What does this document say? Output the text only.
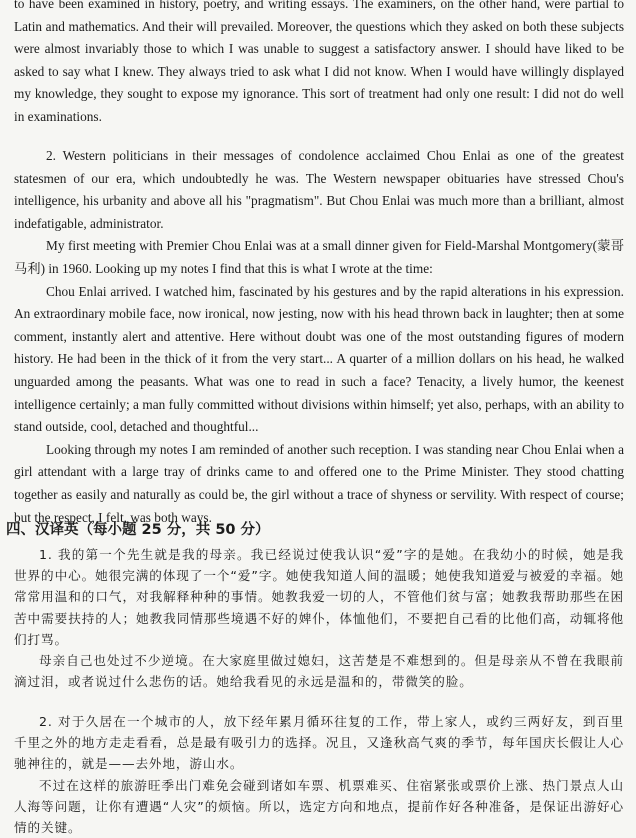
to have been examined in history, poetry, and writing essays. The examiners, on the other hand, were partial to Latin and mathematics. And their will prevailed. Moreover, the questions which they asked on both these subjects were almost invariably those to which I was unable to suggest a satisfactory answer. I should have liked to be asked to say what I knew. They always tried to ask what I did not know. When I would have willingly displayed my knowledge, they sought to expose my ignorance. This sort of treatment had only one result: I did not do well in examinations.

2. Western politicians in their messages of condolence acclaimed Chou Enlai as one of the greatest statesmen of our era, which undoubtedly he was. The Western newspaper obituaries have stressed Chou's intelligence, his urbanity and above all his "pragmatism". But Chou Enlai was much more than a brilliant, almost indefatigable, administrator.

My first meeting with Premier Chou Enlai was at a small dinner given for Field-Marshal Montgomery(蒙哥马利) in 1960. Looking up my notes I find that this is what I wrote at the time:

Chou Enlai arrived. I watched him, fascinated by his gestures and by the rapid alterations in his expression. An extraordinary mobile face, now ironical, now jesting, now with his head thrown back in laughter; then at some comment, instantly alert and attentive. Here without doubt was one of the most outstanding figures of modern history. He had been in the thick of it from the very start... A quarter of a million dollars on his head, he walked unguarded among the peasants. What was one to read in such a face? Tenacity, a lively humor, the keenest intelligence certainly; a man fully committed without divisions within himself; yet also, perhaps, with an ability to stand outside, cool, detached and thoughtful...

Looking through my notes I am reminded of another such reception. I was standing near Chou Enlai when a girl attendant with a large tray of drinks came to and offered one to the Prime Minister. They stood chatting together as easily and naturally as could be, the girl without a trace of shyness or servility. With respect of course; but the respect, I felt, was both ways.

四、汉译英（每小题 25 分，共 50 分）

1. 我的第一个先生就是我的母亲。我已经说过使我认识“爱”字的是她。在我幼小的时候，她是我世界的中心。她很完满的体现了一个“爱”字。她使我知道人间的温暖；她使我知道爱与被爱的幸福。她常常用温和的口气，对我解释种种的事情。她教我爱一切的人，不管他们贫与富；她教我帮助那些在困苦中需要扶持的人；她教我同情那些境遇不好的婢仆，体恤他们，不要把自己看的比他们高，动辄将他们打骂。

母亲自己也处过不少逆境。在大家庭里做过媳妇，这苦楚是不难想到的。但是母亲从不曾在我眼前滴过泪，或者说过什么悲伤的话。她给我看见的永远是温和的，带微笑的脸。

2. 对于久居在一个城市的人，放下经年累月循环往复的工作，带上家人，或约三两好友，到百里千里之外的地方走走看看，总是最有吸引力的选择。况且，又逢秋高气爽的季节，每年国庆长假让人心驰神往的，就是——去外地，游山水。

不过在这样的旅游旺季出门难免会碰到诸如车票、机票难买、住宿紧张或票价上涨、热门景点人山人海等问题，让你有遭遇“人灾”的烦恼。所以，选定方向和地点，提前作好各种准备，是保证出游好心情的关键。
